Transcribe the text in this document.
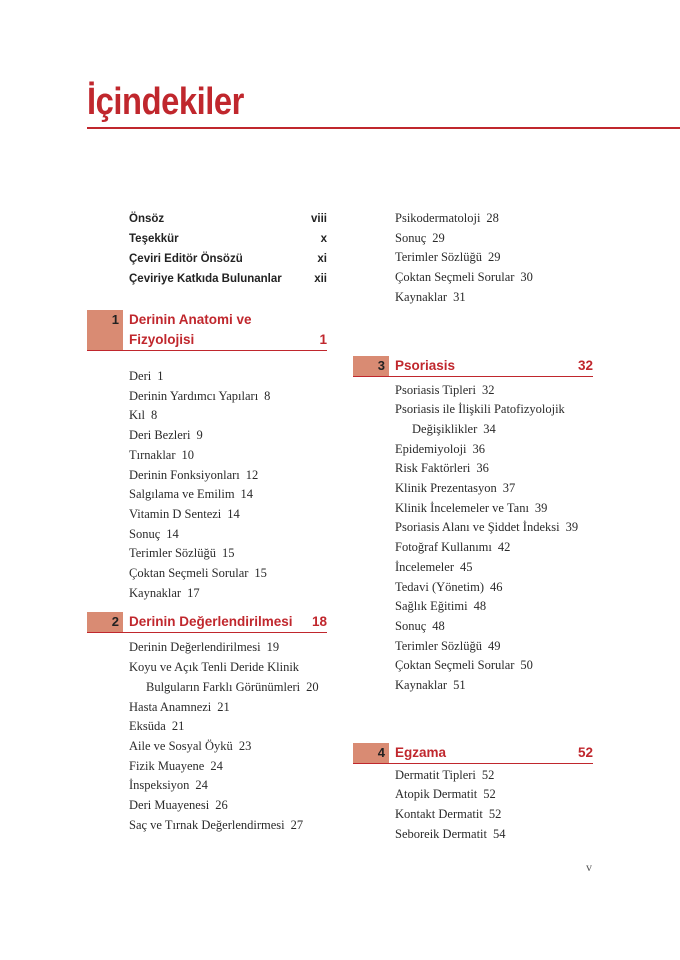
İçindekiler
Önsöz	viii
Teşekkür	x
Çeviri Editör Önsözü	xi
Çeviriye Katkıda Bulunanlar	xii
1 Derinin Anatomi ve
Fizyolojisi	1
Deri 1
Derinin Yardımcı Yapıları 8
Kıl 8
Deri Bezleri 9
Tırnaklar 10
Derinin Fonksiyonları 12
Salgılama ve Emilim 14
Vitamin D Sentezi 14
Sonuç 14
Terimler Sözlüğü 15
Çoktan Seçmeli Sorular 15
Kaynaklar 17
2 Derinin Değerlendirilmesi 18
Derinin Değerlendirilmesi 19
Koyu ve Açık Tenli Deride Klinik
Bulguların Farklı Görünümleri 20
Hasta Anamnezi 21
Eksüda 21
Aile ve Sosyal Öykü 23
Fizik Muayene 24
İnspeksiyon 24
Deri Muayenesi 26
Saç ve Tırnak Değerlendirmesi 27
Psikodermatoloji 28
Sonuç 29
Terimler Sözlüğü 29
Çoktan Seçmeli Sorular 30
Kaynaklar 31
3 Psoriasis	32
Psoriasis Tipleri 32
Psoriasis ile İlişkili Patofizyolojik
Değişiklikler 34
Epidemiyoloji 36
Risk Faktörleri 36
Klinik Prezentasyon 37
Klinik İncelemeler ve Tanı 39
Psoriasis Alanı ve Şiddet İndeksi 39
Fotoğraf Kullanımı 42
İncelemeler 45
Tedavi (Yönetim) 46
Sağlık Eğitimi 48
Sonuç 48
Terimler Sözlüğü 49
Çoktan Seçmeli Sorular 50
Kaynaklar 51
4 Egzama	52
Dermatit Tipleri 52
Atopik Dermatit 52
Kontakt Dermatit 52
Seboreik Dermatit 54
v
